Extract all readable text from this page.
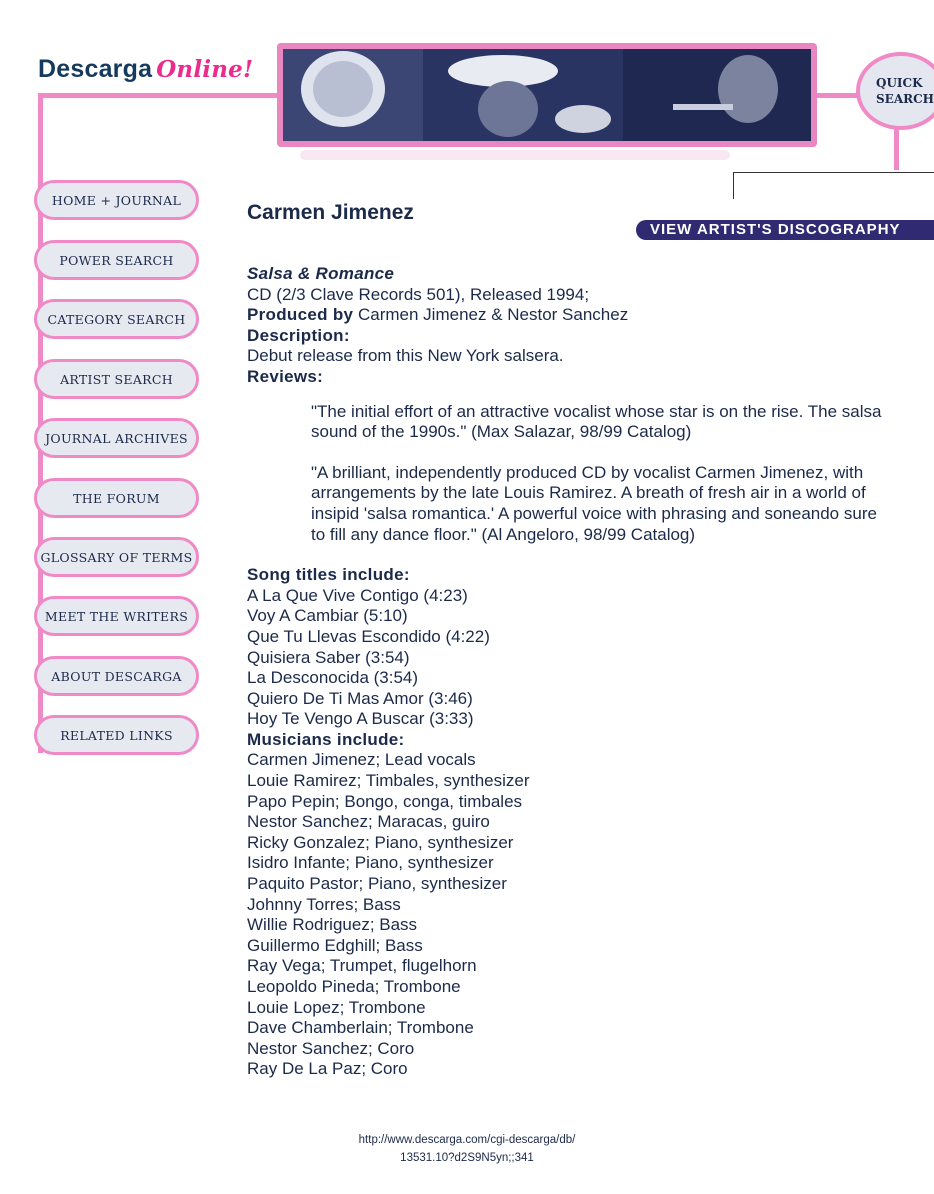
Descarga Online!	QUICK
SEARCH
HOME + JOURNAL
POWER SEARCH
CATEGORY SEARCH
ARTIST SEARCH
JOURNAL ARCHIVES
THE FORUM
GLOSSARY OF TERMS
MEET THE WRITERS
ABOUT DESCARGA
RELATED LINKS
Carmen Jimenez
VIEW ARTIST'S DISCOGRAPHY
Salsa & Romance
CD (2/3 Clave Records 501), Released 1994;
Produced by Carmen Jimenez & Nestor Sanchez
Description:
Debut release from this New York salsera.
Reviews:
"The initial effort of an attractive vocalist whose star is on the rise. The salsa sound of the 1990s." (Max Salazar, 98/99 Catalog)
"A brilliant, independently produced CD by vocalist Carmen Jimenez, with arrangements by the late Louis Ramirez. A breath of fresh air in a world of insipid 'salsa romantica.' A powerful voice with phrasing and soneando sure to fill any dance floor." (Al Angeloro, 98/99 Catalog)
Song titles include:
A La Que Vive Contigo (4:23)
Voy A Cambiar (5:10)
Que Tu Llevas Escondido (4:22)
Quisiera Saber (3:54)
La Desconocida (3:54)
Quiero De Ti Mas Amor (3:46)
Hoy Te Vengo A Buscar (3:33)
Musicians include:
Carmen Jimenez; Lead vocals
Louie Ramirez; Timbales, synthesizer
Papo Pepin; Bongo, conga, timbales
Nestor Sanchez; Maracas, guiro
Ricky Gonzalez; Piano, synthesizer
Isidro Infante; Piano, synthesizer
Paquito Pastor; Piano, synthesizer
Johnny Torres; Bass
Willie Rodriguez; Bass
Guillermo Edghill; Bass
Ray Vega; Trumpet, flugelhorn
Leopoldo Pineda; Trombone
Louie Lopez; Trombone
Dave Chamberlain; Trombone
Nestor Sanchez; Coro
Ray De La Paz; Coro
http://www.descarga.com/cgi-descarga/db/
13531.10?d2S9N5yn;;341
